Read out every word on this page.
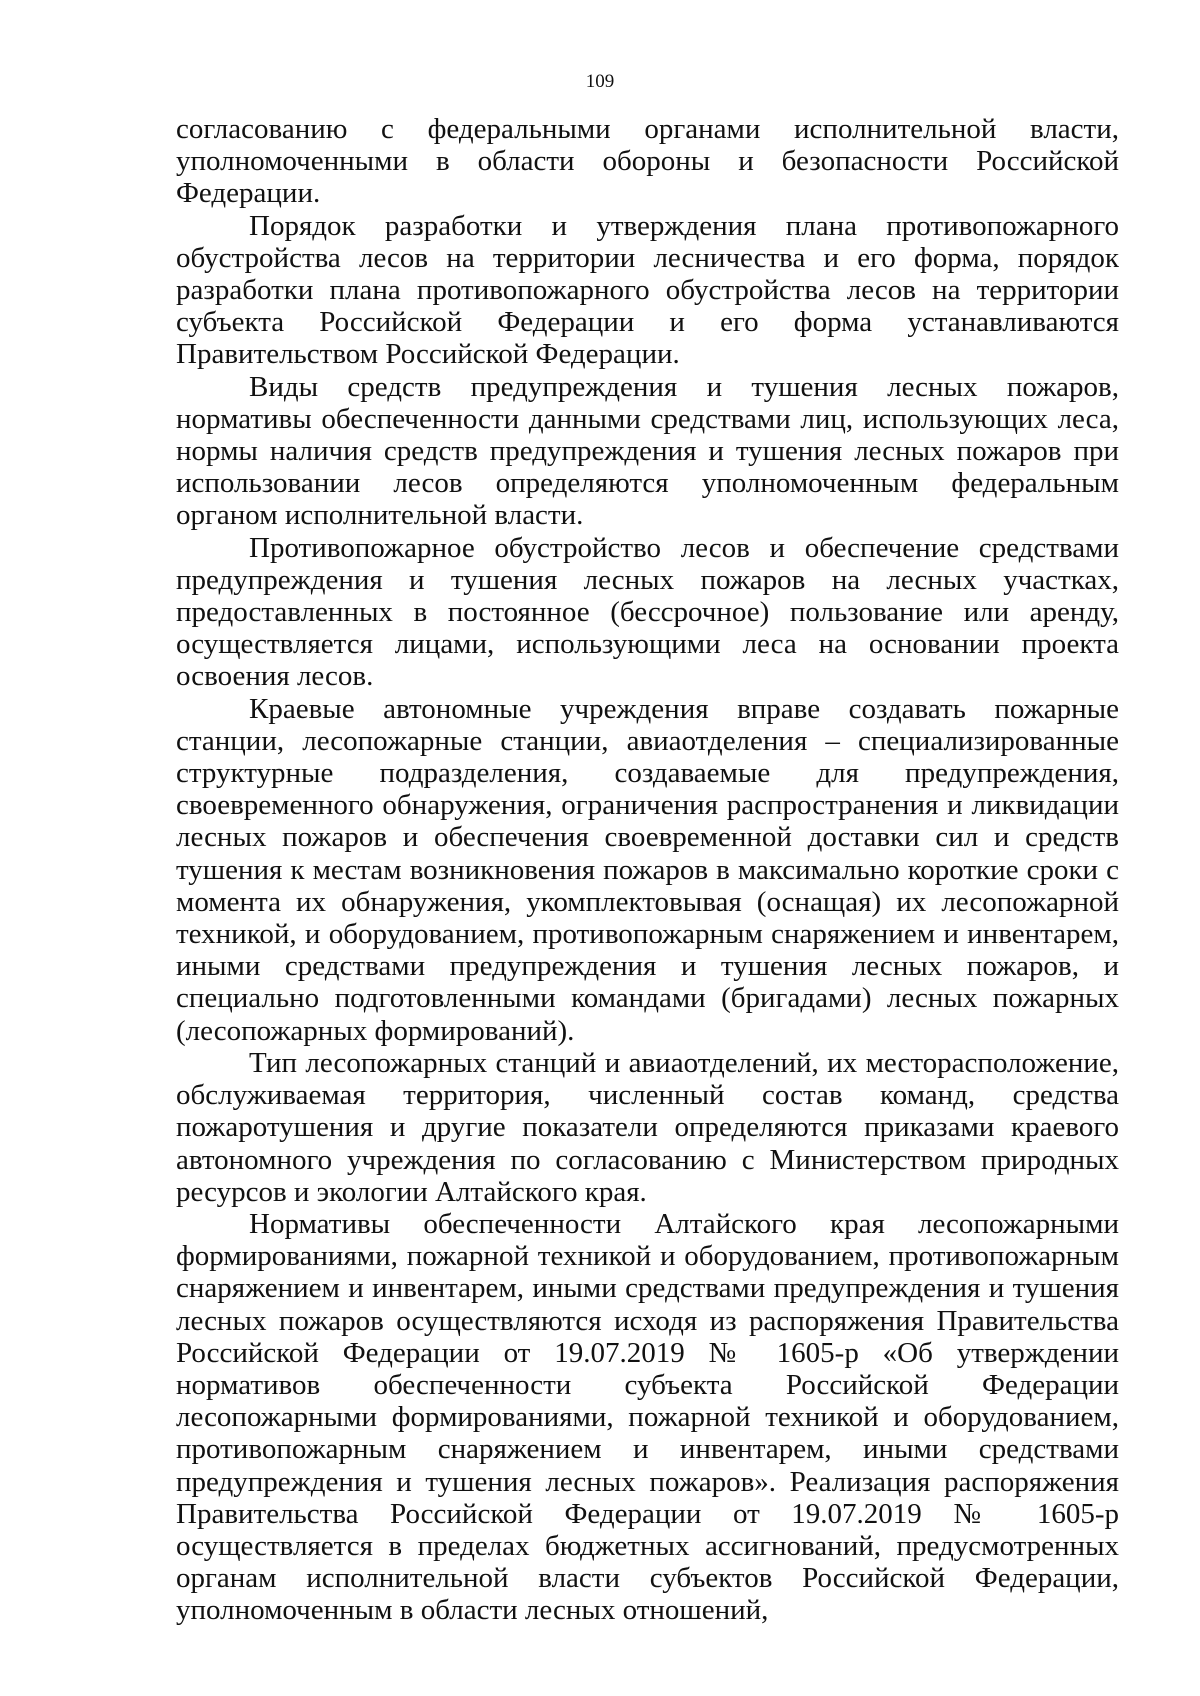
109

согласованию с федеральными органами исполнительной власти, уполномоченными в области обороны и безопасности Российской Федерации.

Порядок разработки и утверждения плана противопожарного обустройства лесов на территории лесничества и его форма, порядок разработки плана противопожарного обустройства лесов на территории субъекта Российской Федерации и его форма устанавливаются Правительством Российской Федерации.

Виды средств предупреждения и тушения лесных пожаров, нормативы обеспеченности данными средствами лиц, использующих леса, нормы наличия средств предупреждения и тушения лесных пожаров при использовании лесов определяются уполномоченным федеральным органом исполнительной власти.

Противопожарное обустройство лесов и обеспечение средствами предупреждения и тушения лесных пожаров на лесных участках, предоставленных в постоянное (бессрочное) пользование или аренду, осуществляется лицами, использующими леса на основании проекта освоения лесов.

Краевые автономные учреждения вправе создавать пожарные станции, лесопожарные станции, авиаотделения – специализированные структурные подразделения, создаваемые для предупреждения, своевременного обнаружения, ограничения распространения и ликвидации лесных пожаров и обеспечения своевременной доставки сил и средств тушения к местам возникновения пожаров в максимально короткие сроки с момента их обнаружения, укомплектовывая (оснащая) их лесопожарной техникой, и оборудованием, противопожарным снаряжением и инвентарем, иными средствами предупреждения и тушения лесных пожаров, и специально подготовленными командами (бригадами) лесных пожарных (лесопожарных формирований).

Тип лесопожарных станций и авиаотделений, их месторасположение, обслуживаемая территория, численный состав команд, средства пожаротушения и другие показатели определяются приказами краевого автономного учреждения по согласованию с Министерством природных ресурсов и экологии Алтайского края.

Нормативы обеспеченности Алтайского края лесопожарными формированиями, пожарной техникой и оборудованием, противопожарным снаряжением и инвентарем, иными средствами предупреждения и тушения лесных пожаров осуществляются исходя из распоряжения Правительства Российской Федерации от 19.07.2019 № 1605-р «Об утверждении нормативов обеспеченности субъекта Российской Федерации лесопожарными формированиями, пожарной техникой и оборудованием, противопожарным снаряжением и инвентарем, иными средствами предупреждения и тушения лесных пожаров». Реализация распоряжения Правительства Российской Федерации от 19.07.2019 № 1605-р осуществляется в пределах бюджетных ассигнований, предусмотренных органам исполнительной власти субъектов Российской Федерации, уполномоченным в области лесных отношений,
